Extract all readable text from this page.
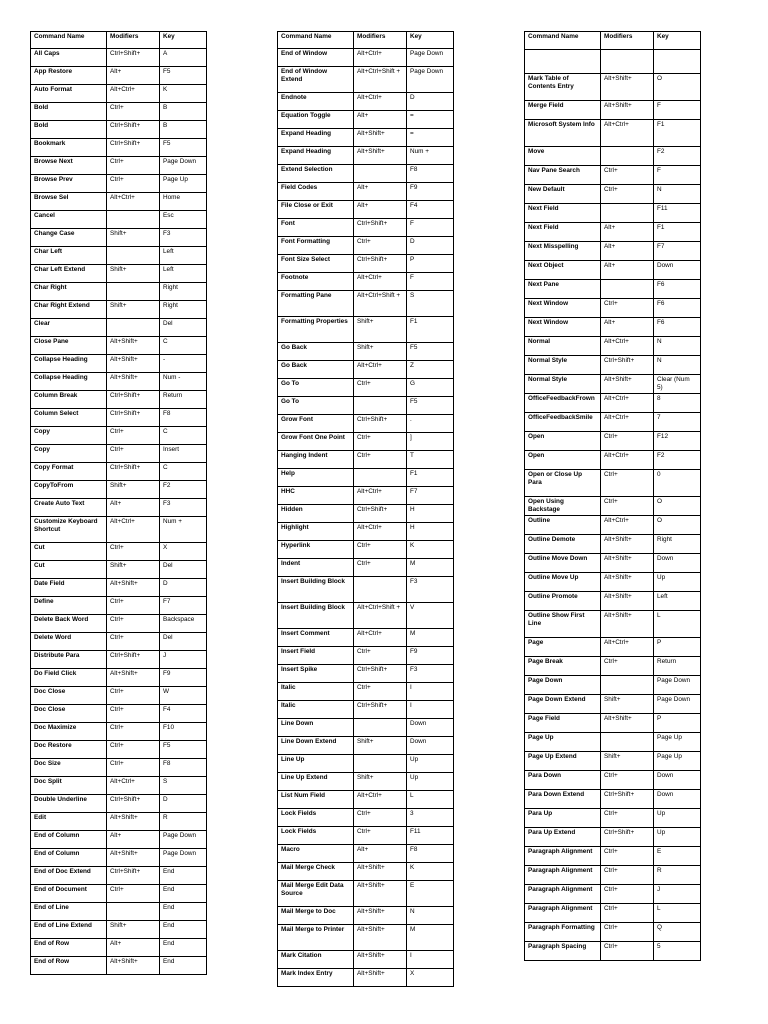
Command Name	Modifiers	Key
All Caps	Ctrl+Shift+	A
App Restore	Alt+	F5
Auto Format	Alt+Ctrl+	K
Bold	Ctrl+	B
Bold	Ctrl+Shift+	B
Bookmark	Ctrl+Shift+	F5
Browse Next	Ctrl+	Page Down
Browse Prev	Ctrl+	Page Up
Browse Sel	Alt+Ctrl+	Home
Cancel		Esc
Change Case	Shift+	F3
Char Left		Left
Char Left Extend	Shift+	Left
Char Right		Right
Char Right Extend	Shift+	Right
Clear		Del
Close Pane	Alt+Shift+	C
Collapse Heading	Alt+Shift+	-
Collapse Heading	Alt+Shift+	Num -
Column Break	Ctrl+Shift+	Return
Column Select	Ctrl+Shift+	F8
Copy	Ctrl+	C
Copy	Ctrl+	Insert
Copy Format	Ctrl+Shift+	C
CopyToFrom	Shift+	F2
Create Auto Text	Alt+	F3
Customize Keyboard Shortcut	Alt+Ctrl+	Num +
Cut	Ctrl+	X
Cut	Shift+	Del
Date Field	Alt+Shift+	D
Define	Ctrl+	F7
Delete Back Word	Ctrl+	Backspace
Delete Word	Ctrl+	Del
Distribute Para	Ctrl+Shift+	J
Do Field Click	Alt+Shift+	F9
Doc Close	Ctrl+	W
Doc Close	Ctrl+	F4
Doc Maximize	Ctrl+	F10
Doc Restore	Ctrl+	F5
Doc Size	Ctrl+	F8
Doc Split	Alt+Ctrl+	S
Double Underline	Ctrl+Shift+	D
Edit	Alt+Shift+	R
End of Column	Alt+	Page Down
End of Column	Alt+Shift+	Page Down
End of Doc Extend	Ctrl+Shift+	End
End of Document	Ctrl+	End
End of Line		End
End of Line Extend	Shift+	End
End of Row	Alt+	End
End of Row	Alt+Shift+	End
Command Name	Modifiers	Key
End of Window	Alt+Ctrl+	Page Down
End of Window Extend	Alt+Ctrl+Shift +	Page Down
Endnote	Alt+Ctrl+	D
Equation Toggle	Alt+	=
Expand Heading	Alt+Shift+	=
Expand Heading	Alt+Shift+	Num +
Extend Selection		F8
Field Codes	Alt+	F9
File Close or Exit	Alt+	F4
Font	Ctrl+Shift+	F
Font Formatting	Ctrl+	D
Font Size Select	Ctrl+Shift+	P
Footnote	Alt+Ctrl+	F
Formatting Pane	Alt+Ctrl+Shift +	S
Formatting Properties	Shift+	F1
Go Back	Shift+	F5
Go Back	Alt+Ctrl+	Z
Go To	Ctrl+	G
Go To		F5
Grow Font	Ctrl+Shift+	.
Grow Font One Point	Ctrl+	]
Hanging Indent	Ctrl+	T
Help		F1
HHC	Alt+Ctrl+	F7
Hidden	Ctrl+Shift+	H
Highlight	Alt+Ctrl+	H
Hyperlink	Ctrl+	K
Indent	Ctrl+	M
Insert Building Block		F3
Insert Building Block	Alt+Ctrl+Shift +	V
Insert Comment	Alt+Ctrl+	M
Insert Field	Ctrl+	F9
Insert Spike	Ctrl+Shift+	F3
Italic	Ctrl+	I
Italic	Ctrl+Shift+	I
Line Down		Down
Line Down Extend	Shift+	Down
Line Up		Up
Line Up Extend	Shift+	Up
List Num Field	Alt+Ctrl+	L
Lock Fields	Ctrl+	3
Lock Fields	Ctrl+	F11
Macro	Alt+	F8
Mail Merge Check	Alt+Shift+	K
Mail Merge Edit Data Source	Alt+Shift+	E
Mail Merge to Doc	Alt+Shift+	N
Mail Merge to Printer	Alt+Shift+	M
Mark Citation	Alt+Shift+	I
Mark Index Entry	Alt+Shift+	X
Command Name	Modifiers	Key

Mark Table of Contents Entry	Alt+Shift+	O
Merge Field	Alt+Shift+	F
Microsoft System Info	Alt+Ctrl+	F1
Move		F2
Nav Pane Search	Ctrl+	F
New Default	Ctrl+	N
Next Field		F11
Next Field	Alt+	F1
Next Misspelling	Alt+	F7
Next Object	Alt+	Down
Next Pane		F6
Next Window	Ctrl+	F6
Next Window	Alt+	F6
Normal	Alt+Ctrl+	N
Normal Style	Ctrl+Shift+	N
Normal Style	Alt+Shift+	Clear (Num 5)
OfficeFeedbackFrown	Alt+Ctrl+	8
OfficeFeedbackSmile	Alt+Ctrl+	7
Open	Ctrl+	F12
Open	Alt+Ctrl+	F2
Open or Close Up Para	Ctrl+	0
Open Using Backstage	Ctrl+	O
Outline	Alt+Ctrl+	O
Outline Demote	Alt+Shift+	Right
Outline Move Down	Alt+Shift+	Down
Outline Move Up	Alt+Shift+	Up
Outline Promote	Alt+Shift+	Left
Outline Show First Line	Alt+Shift+	L
Page	Alt+Ctrl+	P
Page Break	Ctrl+	Return
Page Down		Page Down
Page Down Extend	Shift+	Page Down
Page Field	Alt+Shift+	P
Page Up		Page Up
Page Up Extend	Shift+	Page Up
Para Down	Ctrl+	Down
Para Down Extend	Ctrl+Shift+	Down
Para Up	Ctrl+	Up
Para Up Extend	Ctrl+Shift+	Up
Paragraph Alignment	Ctrl+	E
Paragraph Alignment	Ctrl+	R
Paragraph Alignment	Ctrl+	J
Paragraph Alignment	Ctrl+	L
Paragraph Formatting	Ctrl+	Q
Paragraph Spacing	Ctrl+	5
